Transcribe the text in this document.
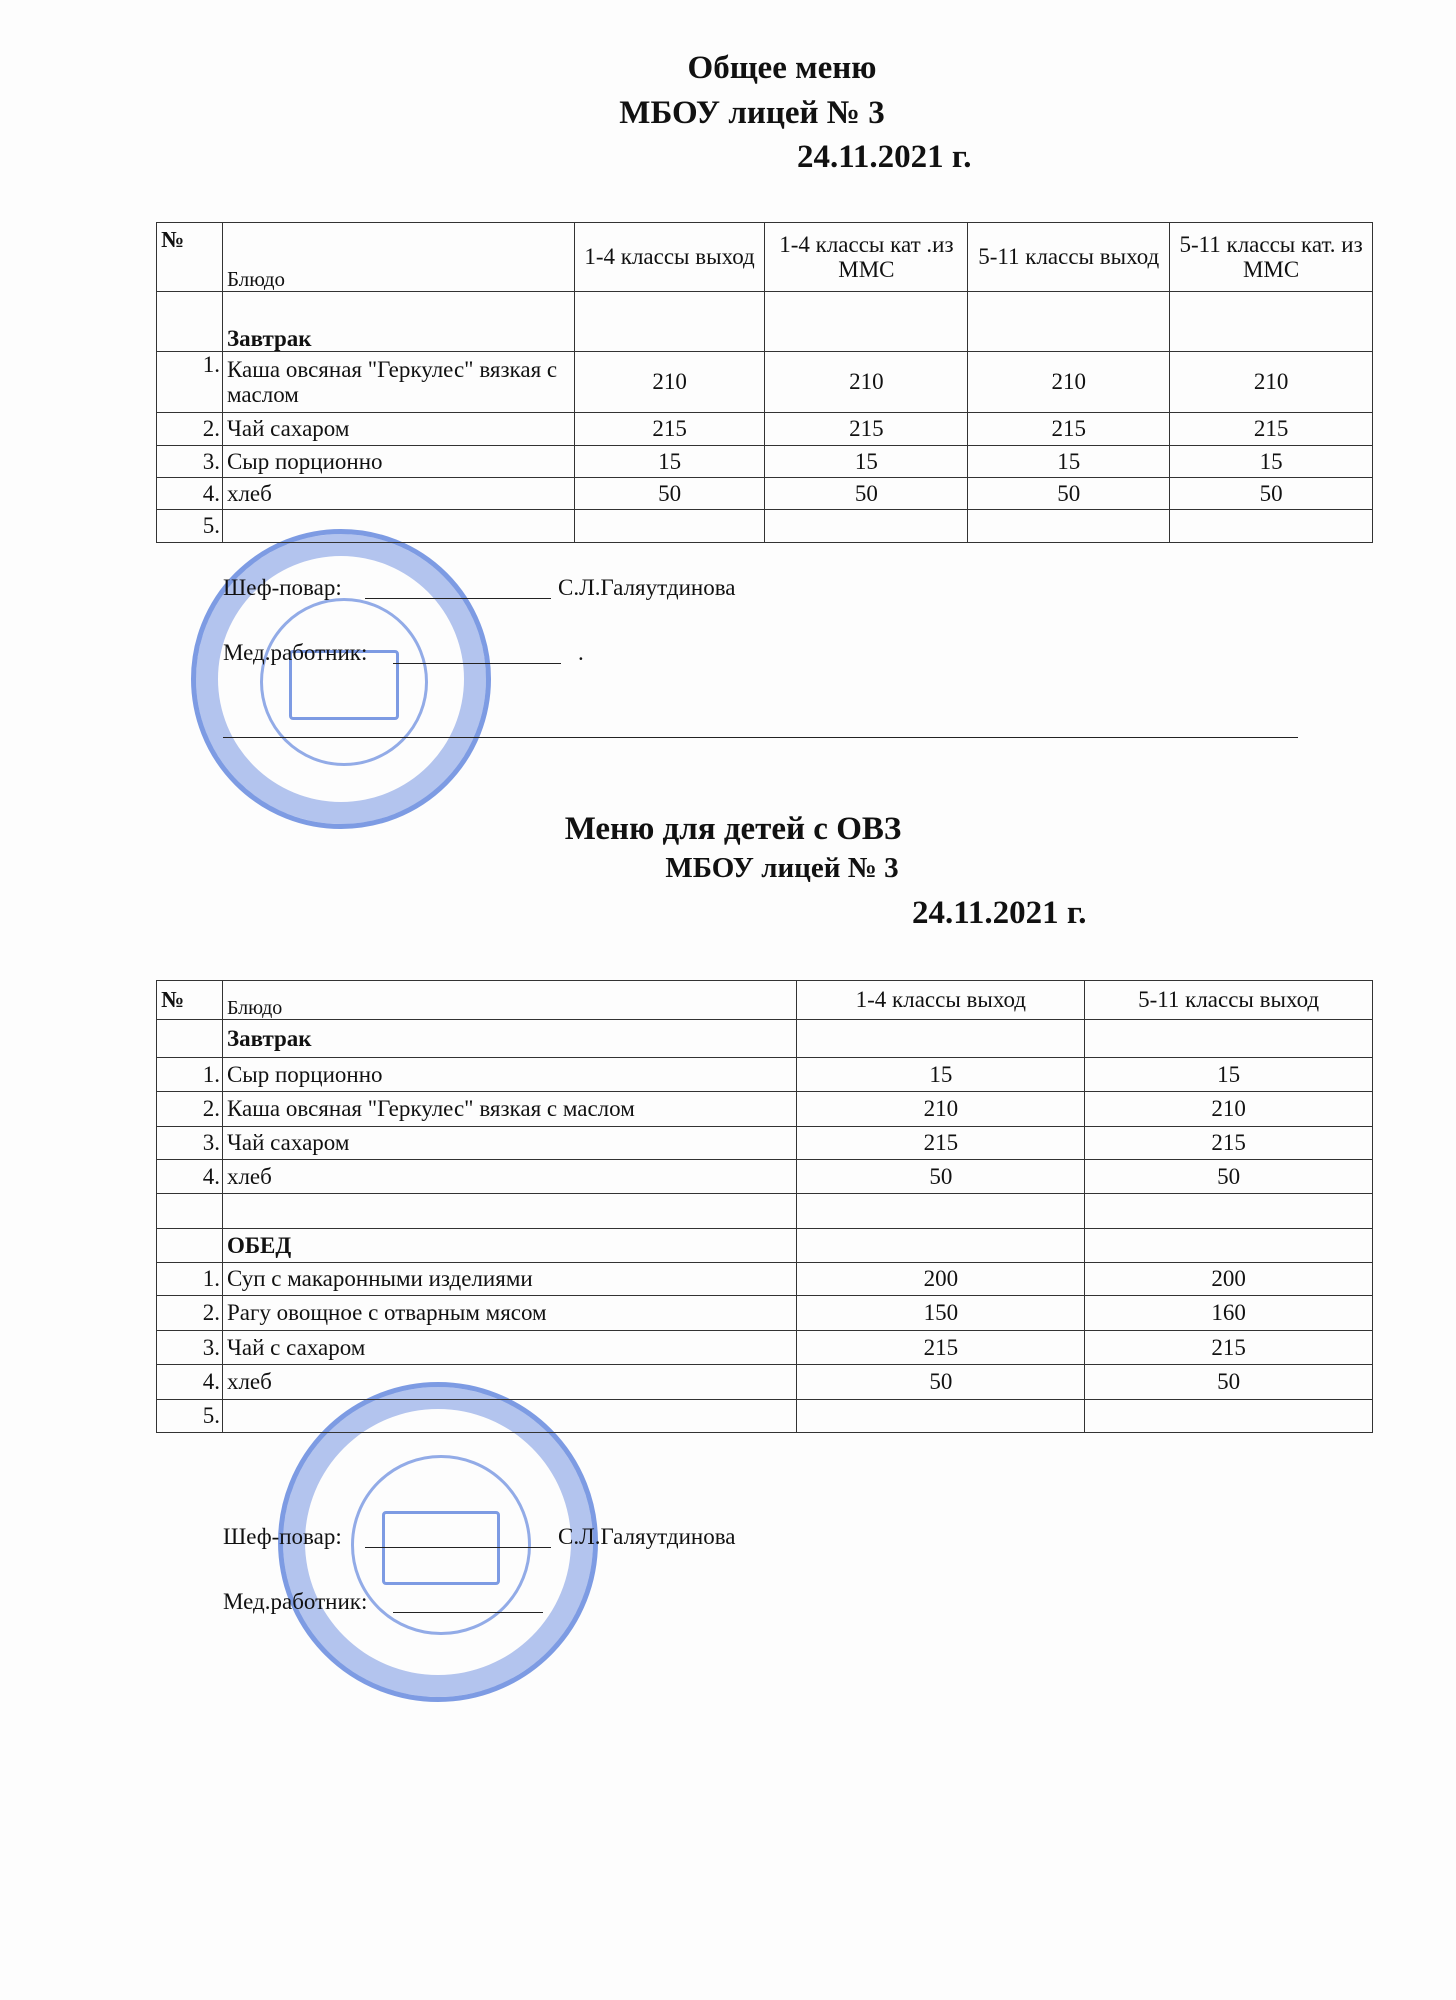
Общее меню
МБОУ лицей № 3
24.11.2021 г.
№	Блюдо	1-4 классы выход	1-4 классы кат .из ММС	5-11 классы выход	5-11 классы кат. из ММС
	Завтрак				
1.	Каша овсяная "Геркулес" вязкая с маслом	210	210	210	210
2.	Чай сахаром	215	215	215	215
3.	Сыр порционно	15	15	15	15
4.	хлеб	50	50	50	50
5.					
Шеф-повар:	С.Л.Галяутдинова
Мед.работник:	.
Меню для детей с ОВЗ
МБОУ лицей № 3
24.11.2021 г.
№	Блюдо	1-4 классы выход	5-11 классы выход
	Завтрак		
1.	Сыр порционно	15	15
2.	Каша овсяная "Геркулес" вязкая с маслом	210	210
3.	Чай сахаром	215	215
4.	хлеб	50	50

	ОБЕД		
1.	Суп с макаронными изделиями	200	200
2.	Рагу овощное с отварным мясом	150	160
3.	Чай с сахаром	215	215
4.	хлеб	50	50
5.			
Шеф-повар:	С.Л.Галяутдинова
Мед.работник:
